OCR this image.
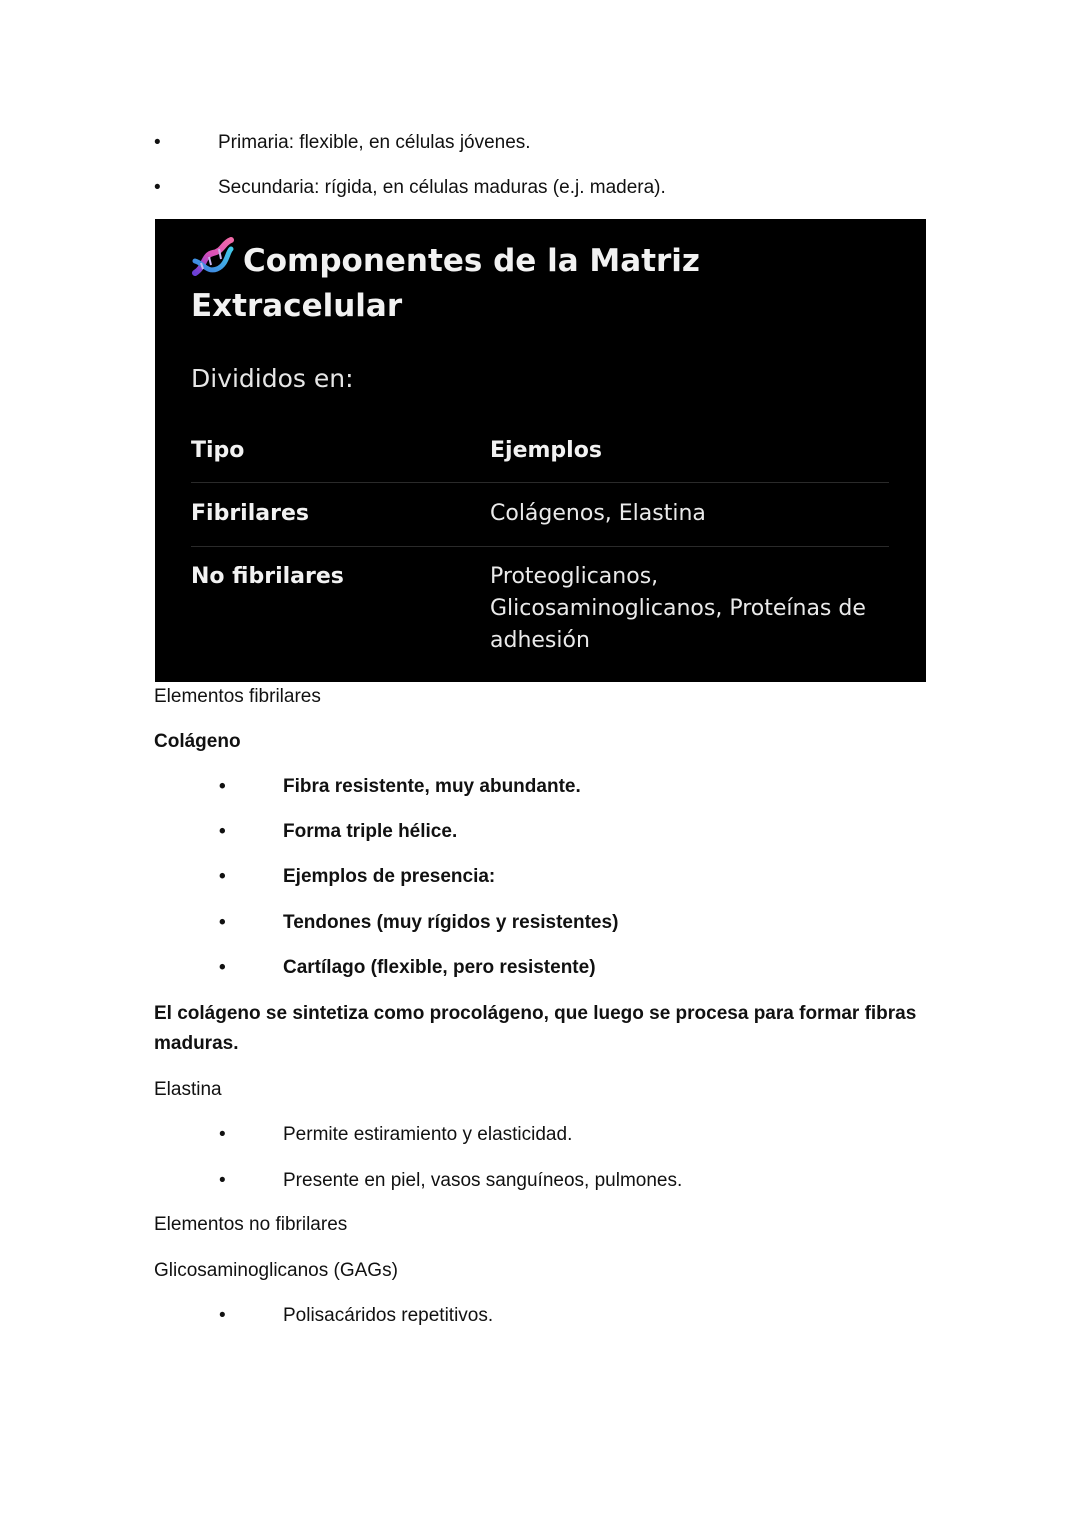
•	Primaria: flexible, en células jóvenes.
•	Secundaria: rígida, en células maduras (e.j. madera).
Componentes de la Matriz Extracelular
Divididos en:
Tipo	Ejemplos
Fibrilares	Colágenos, Elastina
No fibrilares	Proteoglicanos, Glicosaminoglicanos, Proteínas de adhesión
Elementos fibrilares
Colágeno
•	Fibra resistente, muy abundante.
•	Forma triple hélice.
•	Ejemplos de presencia:
•	Tendones (muy rígidos y resistentes)
•	Cartílago (flexible, pero resistente)
El colágeno se sintetiza como procolágeno, que luego se procesa para formar fibras
maduras.
Elastina
•	Permite estiramiento y elasticidad.
•	Presente en piel, vasos sanguíneos, pulmones.
Elementos no fibrilares
Glicosaminoglicanos (GAGs)
•	Polisacáridos repetitivos.
